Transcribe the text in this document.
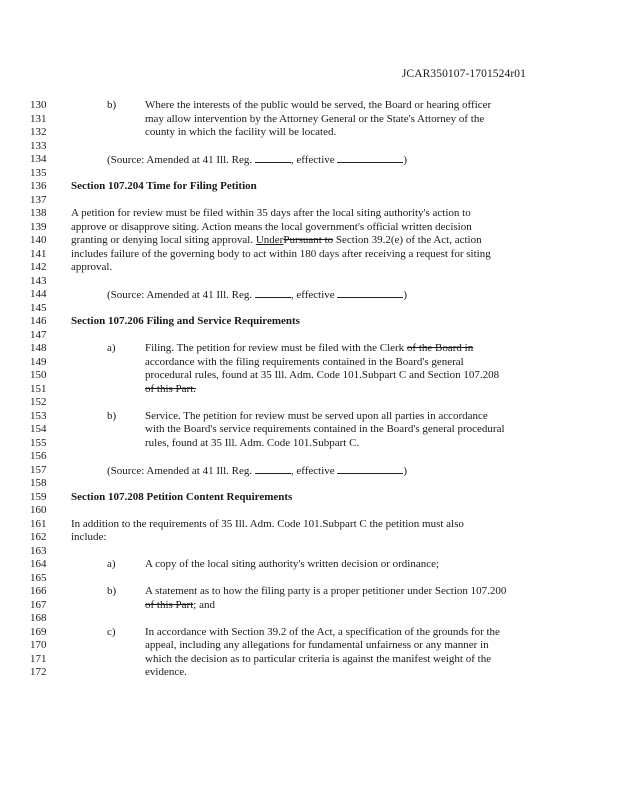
JCAR350107-1701524r01
130
131
132
133
134
135
136
137
138
139
140
141
142
143
144
145
146
147
148
149
150
151
152
153
154
155
156
157
158
159
160
161
162
163
164
165
166
167
168
169
170
171
172
b)	Where the interests of the public would be served, the Board or hearing officer
may allow intervention by the Attorney General or the State's Attorney of the
county in which the facility will be located.
(Source: Amended at 41 Ill. Reg.	, effective	)
Section 107.204 Time for Filing Petition
A petition for review must be filed within 35 days after the local siting authority's action to
approve or disapprove siting. Action means the local government's official written decision
granting or denying local siting approval. UnderPursuant to Section 39.2(e) of the Act, action
includes failure of the governing body to act within 180 days after receiving a request for siting
approval.
(Source: Amended at 41 Ill. Reg.	, effective	)
Section 107.206 Filing and Service Requirements
a)	Filing. The petition for review must be filed with the Clerk of the Board in
accordance with the filing requirements contained in the Board's general
procedural rules, found at 35 Ill. Adm. Code 101.Subpart C and Section 107.208
of this Part.
b)	Service. The petition for review must be served upon all parties in accordance
with the Board's service requirements contained in the Board's general procedural
rules, found at 35 Ill. Adm. Code 101.Subpart C.
(Source: Amended at 41 Ill. Reg.	, effective	)
Section 107.208 Petition Content Requirements
In addition to the requirements of 35 Ill. Adm. Code 101.Subpart C the petition must also
include:
a)	A copy of the local siting authority's written decision or ordinance;
b)	A statement as to how the filing party is a proper petitioner under Section 107.200
of this Part; and
c)	In accordance with Section 39.2 of the Act, a specification of the grounds for the
appeal, including any allegations for fundamental unfairness or any manner in
which the decision as to particular criteria is against the manifest weight of the
evidence.
